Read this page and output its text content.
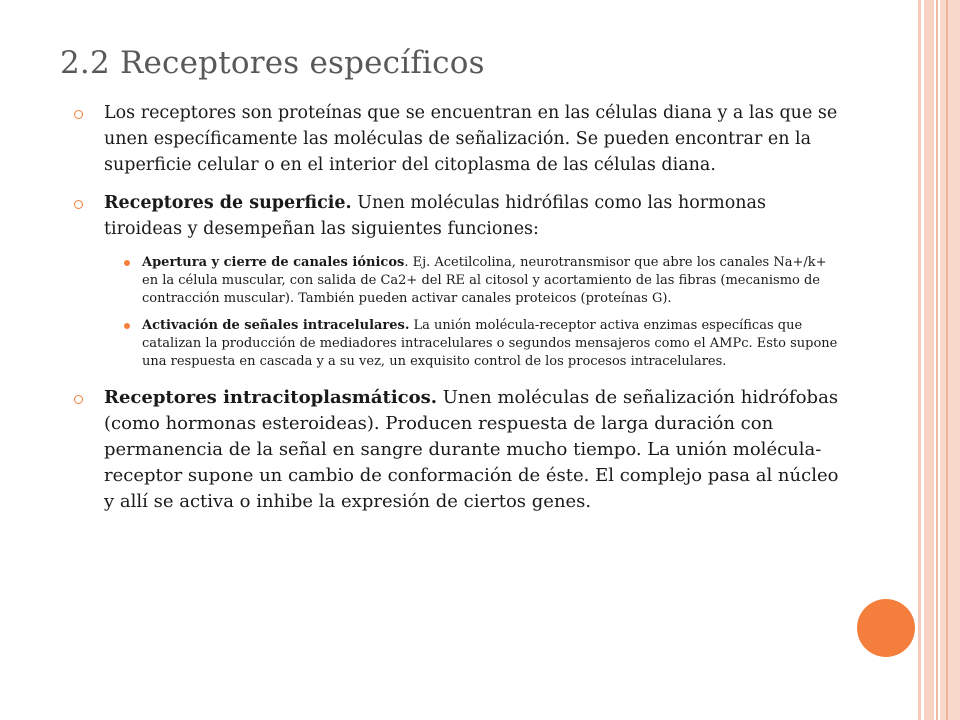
2.2 Receptores específicos
Los receptores son proteínas que se encuentran en las células diana y a las que se unen específicamente las moléculas de señalización. Se pueden encontrar en la superficie celular o en el interior del citoplasma de las células diana.
Receptores de superficie. Unen moléculas hidrófilas como las hormonas tiroideas y desempeñan las siguientes funciones:
Apertura y cierre de canales iónicos. Ej. Acetilcolina, neurotransmisor que abre los canales Na+/k+ en la célula muscular, con salida de Ca2+ del RE al citosol y acortamiento de las fibras (mecanismo de contracción muscular). También pueden activar canales proteicos (proteínas G).
Activación de señales intracelulares. La unión molécula-receptor activa enzimas específicas que catalizan la producción de mediadores intracelulares o segundos mensajeros como el AMPc. Esto supone una respuesta en cascada y a su vez, un exquisito control de los procesos intracelulares.
Receptores intracitoplasmáticos. Unen moléculas de señalización hidrófobas (como hormonas esteroideas). Producen respuesta de larga duración con permanencia de la señal en sangre durante mucho tiempo. La unión molécula-receptor supone un cambio de conformación de éste. El complejo pasa al núcleo y allí se activa o inhibe la expresión de ciertos genes.
